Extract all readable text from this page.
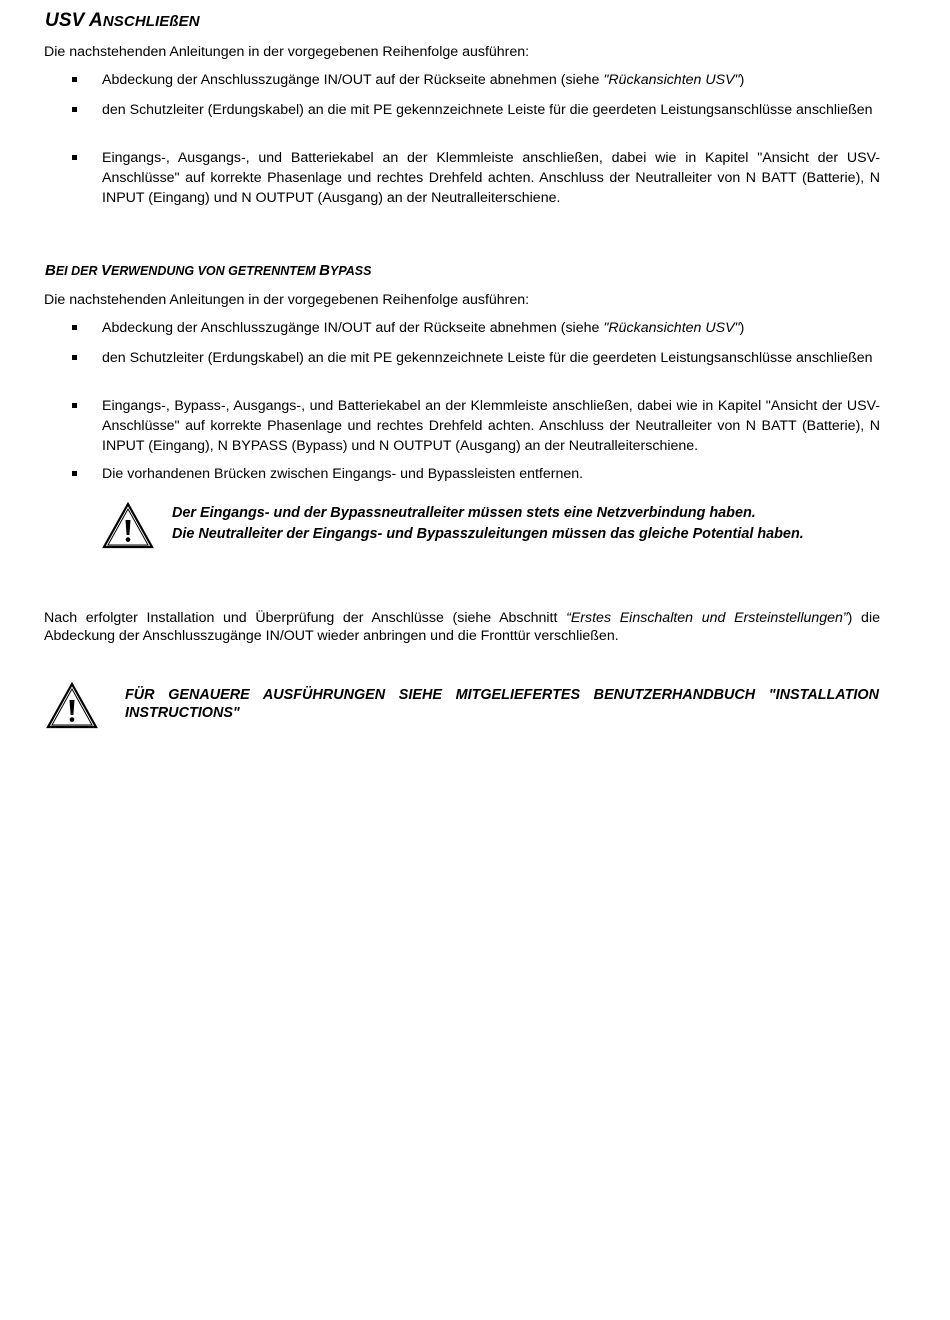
USV ANSCHLIEßEN
Die nachstehenden Anleitungen in der vorgegebenen Reihenfolge ausführen:
Abdeckung der Anschlusszugänge IN/OUT auf der Rückseite abnehmen (siehe "Rückansichten USV")
den Schutzleiter (Erdungskabel) an die mit PE gekennzeichnete Leiste für die geerdeten Leistungsanschlüsse anschließen
Eingangs-, Ausgangs-, und Batteriekabel an der Klemmleiste anschließen, dabei wie in Kapitel "Ansicht der USV-Anschlüsse" auf korrekte Phasenlage und rechtes Drehfeld achten. Anschluss der Neutralleiter von N BATT (Batterie), N INPUT (Eingang) und N OUTPUT (Ausgang) an der Neutralleiterschiene.
BEI DER VERWENDUNG VON GETRENNTEM BYPASS
Die nachstehenden Anleitungen in der vorgegebenen Reihenfolge ausführen:
Abdeckung der Anschlusszugänge IN/OUT auf der Rückseite abnehmen (siehe "Rückansichten USV")
den Schutzleiter (Erdungskabel) an die mit PE gekennzeichnete Leiste für die geerdeten Leistungsanschlüsse anschließen
Eingangs-, Bypass-, Ausgangs-, und Batteriekabel an der Klemmleiste anschließen, dabei wie in Kapitel "Ansicht der USV-Anschlüsse" auf korrekte Phasenlage und rechtes Drehfeld achten. Anschluss der Neutralleiter von N BATT (Batterie), N INPUT (Eingang), N BYPASS (Bypass) und N OUTPUT (Ausgang) an der Neutralleiterschiene.
Die vorhandenen Brücken zwischen Eingangs- und Bypassleisten entfernen.
Der Eingangs- und der Bypassneutralleiter müssen stets eine Netzverbindung haben.
Die Neutralleiter der Eingangs- und Bypasszuleitungen müssen das gleiche Potential haben.
Nach erfolgter Installation und Überprüfung der Anschlüsse (siehe Abschnitt “Erstes Einschalten und Ersteinstellungen”) die Abdeckung der Anschlusszugänge IN/OUT wieder anbringen und die Fronttür verschließen.
FÜR GENAUERE AUSFÜHRUNGEN SIEHE MITGELIEFERTES BENUTZERHANDBUCH "INSTALLATION INSTRUCTIONS"
